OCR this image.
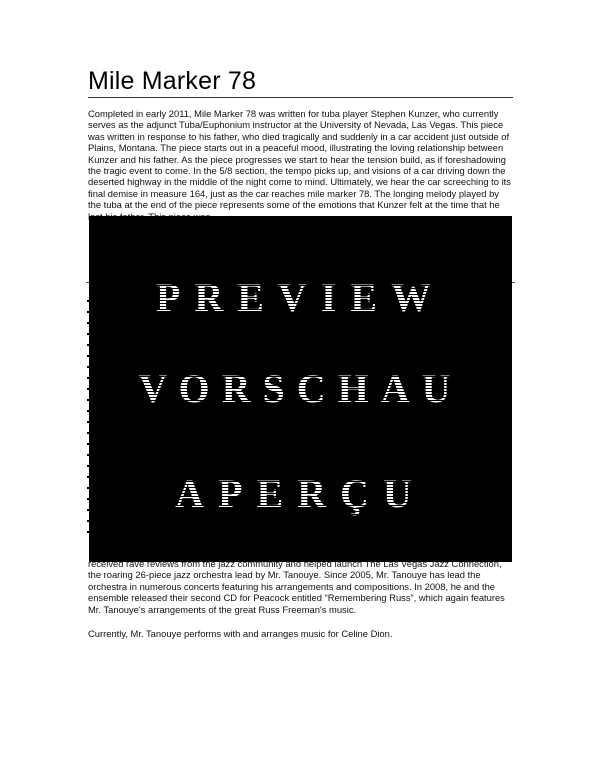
Mile Marker 78

Completed in early 2011, Mile Marker 78 was written for tuba player Stephen Kunzer, who currently serves as the adjunct Tuba/Euphonium instructor at the University of Nevada, Las Vegas. This piece was written in response to his father, who died tragically and suddenly in a car accident just outside of Plains, Montana. The piece starts out in a peaceful mood, illustrating the loving relationship between Kunzer and his father. As the piece progresses we start to hear the tension build, as if foreshadowing the tragic event to come. In the 5/8 section, the tempo picks up, and visions of a car driving down the deserted highway in the middle of the night come to mind. Ultimately, we hear the car screeching to its final demise in measure 164, just as the car reaches mile marker 78. The longing melody played by the tuba at the end of the piece represents some of the emotions that Kunzer felt at the time that he

PREVIEW
VORSCHAU
APERÇU

received rave reviews from the jazz community and helped launch The Las Vegas Jazz Connection, the roaring 26-piece jazz orchestra lead by Mr. Tanouye. Since 2005, Mr. Tanouye has lead the orchestra in numerous concerts featuring his arrangements and compositions. In 2008, he and the ensemble released their second CD for Peacock entitled “Remembering Russ”, which again features Mr. Tanouye's arrangements of the great Russ Freeman's music.

Currently, Mr. Tanouye performs with and arranges music for Celine Dion.
